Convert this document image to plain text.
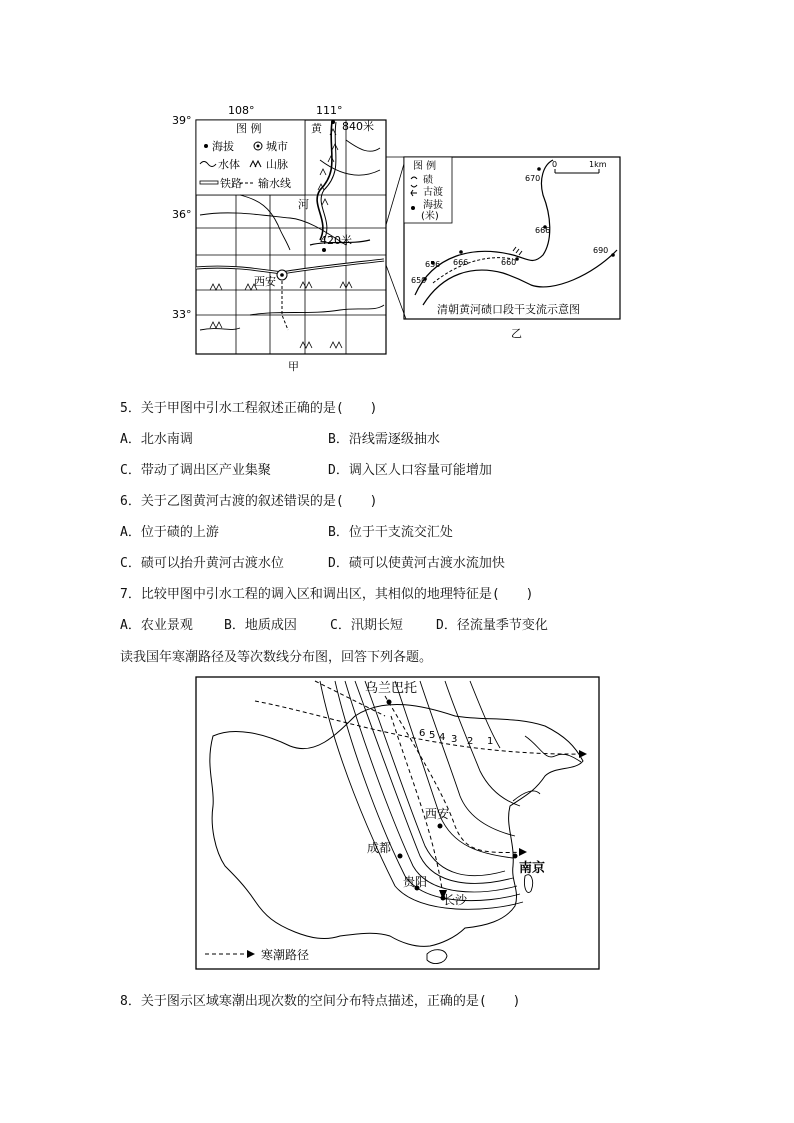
108°	111°
39°
36°
33°
图 例
海拔	城市
水体 山脉
铁路 输水线
黄 840米
河
420米
西安
甲
图 例
碛
古渡
海拔
(米)
0	1km
670
666
690
660
666
656
650
清朝黄河碛口段干支流示意图
乙
5．关于甲图中引水工程叙述正确的是(　　)
A．北水南调	B．沿线需逐级抽水
C．带动了调出区产业集聚	D．调入区人口容量可能增加
6．关于乙图黄河古渡的叙述错误的是(　　)
A．位于碛的上游	B．位于干支流交汇处
C．碛可以抬升黄河古渡水位	D．碛可以使黄河古渡水流加快
7．比较甲图中引水工程的调入区和调出区，其相似的地理特征是(　　)
A．农业景观 B．地质成因	C．汛期长短	D．径流量季节变化
读我国年寒潮路径及等次数线分布图，回答下列各题。
乌兰巴托
西安
成都
南京
贵阳
长沙
6 5 4 3 2 1
寒潮路径
8．关于图示区域寒潮出现次数的空间分布特点描述，正确的是(　　)
